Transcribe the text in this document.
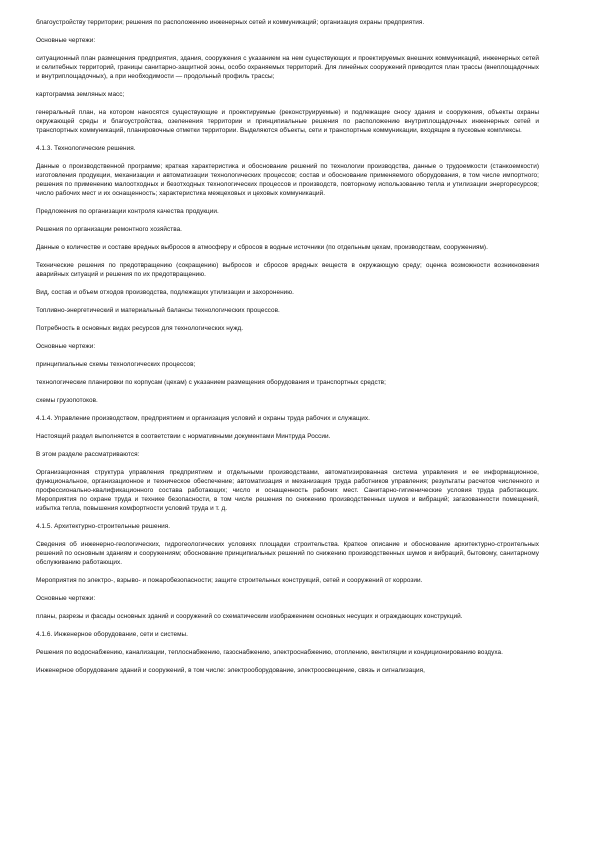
благоустройству территории; решения по расположению инженерных сетей и коммуникаций; организация охраны предприятия.

Основные чертежи:

ситуационный план размещения предприятия, здания, сооружения с указанием на нем существующих и проектируемых внешних коммуникаций, инженерных сетей и селитебных территорий, границы санитарно-защитной зоны, особо охраняемых территорий. Для линейных сооружений приводится план трассы (внеплощадочных и внутриплощадочных), а при необходимости — продольный профиль трассы;

картограмма земляных масс;

генеральный план, на котором наносятся существующие и проектируемые (реконструируемые) и подлежащие сносу здания и сооружения, объекты охраны окружающей среды и благоустройства, озеленения территории и принципиальные решения по расположению внутриплощадочных инженерных сетей и транспортных коммуникаций, планировочные отметки территории. Выделяются объекты, сети и транспортные коммуникации, входящие в пусковые комплексы.

4.1.3. Технологические решения.

Данные о производственной программе; краткая характеристика и обоснование решений по технологии производства, данные о трудоемкости (станкоемкости) изготовления продукции, механизации и автоматизации технологических процессов; состав и обоснование применяемого оборудования, в том числе импортного; решения по применению малоотходных и безотходных технологических процессов и производств, повторному использованию тепла и утилизации энергоресурсов; число рабочих мест и их оснащенность; характеристика межцеховых и цеховых коммуникаций.

Предложения по организации контроля качества продукции.

Решения по организации ремонтного хозяйства.

Данные о количестве и составе вредных выбросов в атмосферу и сбросов в водные источники (по отдельным цехам, производствам, сооружениям).

Технические решения по предотвращению (сокращению) выбросов и сбросов вредных веществ в окружающую среду; оценка возможности возникновения аварийных ситуаций и решения по их предотвращению.

Вид, состав и объем отходов производства, подлежащих утилизации и захоронению.

Топливно-энергетический и материальный балансы технологических процессов.

Потребность в основных видах ресурсов для технологических нужд.

Основные чертежи:

принципиальные схемы технологических процессов;

технологические планировки по корпусам (цехам) с указанием размещения оборудования и транспортных средств;

схемы грузопотоков.

4.1.4. Управление производством, предприятием и организация условий и охраны труда рабочих и служащих.

Настоящий раздел выполняется в соответствии с нормативными документами Минтруда России.

В этом разделе рассматриваются:

Организационная структура управления предприятием и отдельными производствами, автоматизированная система управления и ее информационное, функциональное, организационное и техническое обеспечение; автоматизация и механизация труда работников управления; результаты расчетов численного и профессионально-квалификационного состава работающих; число и оснащенность рабочих мест. Санитарно-гигиенические условия труда работающих. Мероприятия по охране труда и технике безопасности, в том числе решения по снижению производственных шумов и вибраций; загазованности помещений, избытка тепла, повышения комфортности условий труда и т. д.

4.1.5. Архитектурно-строительные решения.

Сведения об инженерно-геологических, гидрогеологических условиях площадки строительства. Краткое описание и обоснование архитектурно-строительных решений по основным зданиям и сооружениям; обоснование принципиальных решений по снижению производственных шумов и вибраций, бытовому, санитарному обслуживанию работающих.

Мероприятия по электро-, взрыво- и пожаробезопасности; защите строительных конструкций, сетей и сооружений от коррозии.

Основные чертежи:

планы, разрезы и фасады основных зданий и сооружений со схематическим изображением основных несущих и ограждающих конструкций.

4.1.6. Инженерное оборудование, сети и системы.

Решения по водоснабжению, канализации, теплоснабжению, газоснабжению, электроснабжению, отоплению, вентиляции и кондиционированию воздуха.

Инженерное оборудование зданий и сооружений, в том числе: электрооборудование, электроосвещение, связь и сигнализация,
